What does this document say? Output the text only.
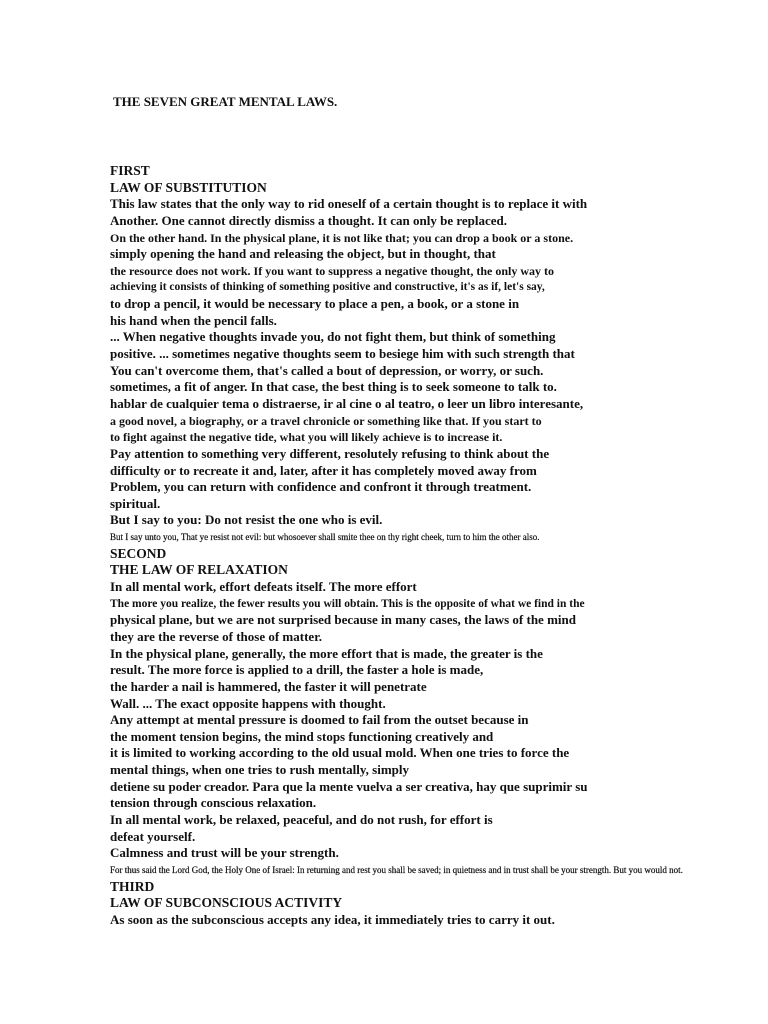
THE SEVEN GREAT MENTAL LAWS.
FIRST
LAW OF SUBSTITUTION
This law states that the only way to rid oneself of a certain thought is to replace it with
Another. One cannot directly dismiss a thought. It can only be replaced.
On the other hand. In the physical plane, it is not like that; you can drop a book or a stone.
simply opening the hand and releasing the object, but in thought, that
the resource does not work. If you want to suppress a negative thought, the only way to
achieving it consists of thinking of something positive and constructive, it's as if, let's say,
to drop a pencil, it would be necessary to place a pen, a book, or a stone in
his hand when the pencil falls.
... When negative thoughts invade you, do not fight them, but think of something
positive. ... sometimes negative thoughts seem to besiege him with such strength that
You can't overcome them, that's called a bout of depression, or worry, or such.
sometimes, a fit of anger. In that case, the best thing is to seek someone to talk to.
hablar de cualquier tema o distraerse, ir al cine o al teatro, o leer un libro interesante,
a good novel, a biography, or a travel chronicle or something like that. If you start to
to fight against the negative tide, what you will likely achieve is to increase it.
Pay attention to something very different, resolutely refusing to think about the
difficulty or to recreate it and, later, after it has completely moved away from
Problem, you can return with confidence and confront it through treatment.
spiritual.
But I say to you: Do not resist the one who is evil.
But I say unto you, That ye resist not evil: but whosoever shall smite thee on thy right cheek, turn to him the other also.
SECOND
THE LAW OF RELAXATION
In all mental work, effort defeats itself. The more effort
The more you realize, the fewer results you will obtain. This is the opposite of what we find in the
physical plane, but we are not surprised because in many cases, the laws of the mind
they are the reverse of those of matter.
In the physical plane, generally, the more effort that is made, the greater is the
result. The more force is applied to a drill, the faster a hole is made,
the harder a nail is hammered, the faster it will penetrate
Wall. ... The exact opposite happens with thought.
Any attempt at mental pressure is doomed to fail from the outset because in
the moment tension begins, the mind stops functioning creatively and
it is limited to working according to the old usual mold. When one tries to force the
mental things, when one tries to rush mentally, simply
detiene su poder creador. Para que la mente vuelva a ser creativa, hay que suprimir su
tension through conscious relaxation.
In all mental work, be relaxed, peaceful, and do not rush, for effort is
defeat yourself.
Calmness and trust will be your strength.
For thus said the Lord God, the Holy One of Israel: In returning and rest you shall be saved; in quietness and in trust shall be your strength. But you would not.
THIRD
LAW OF SUBCONSCIOUS ACTIVITY
As soon as the subconscious accepts any idea, it immediately tries to carry it out.
